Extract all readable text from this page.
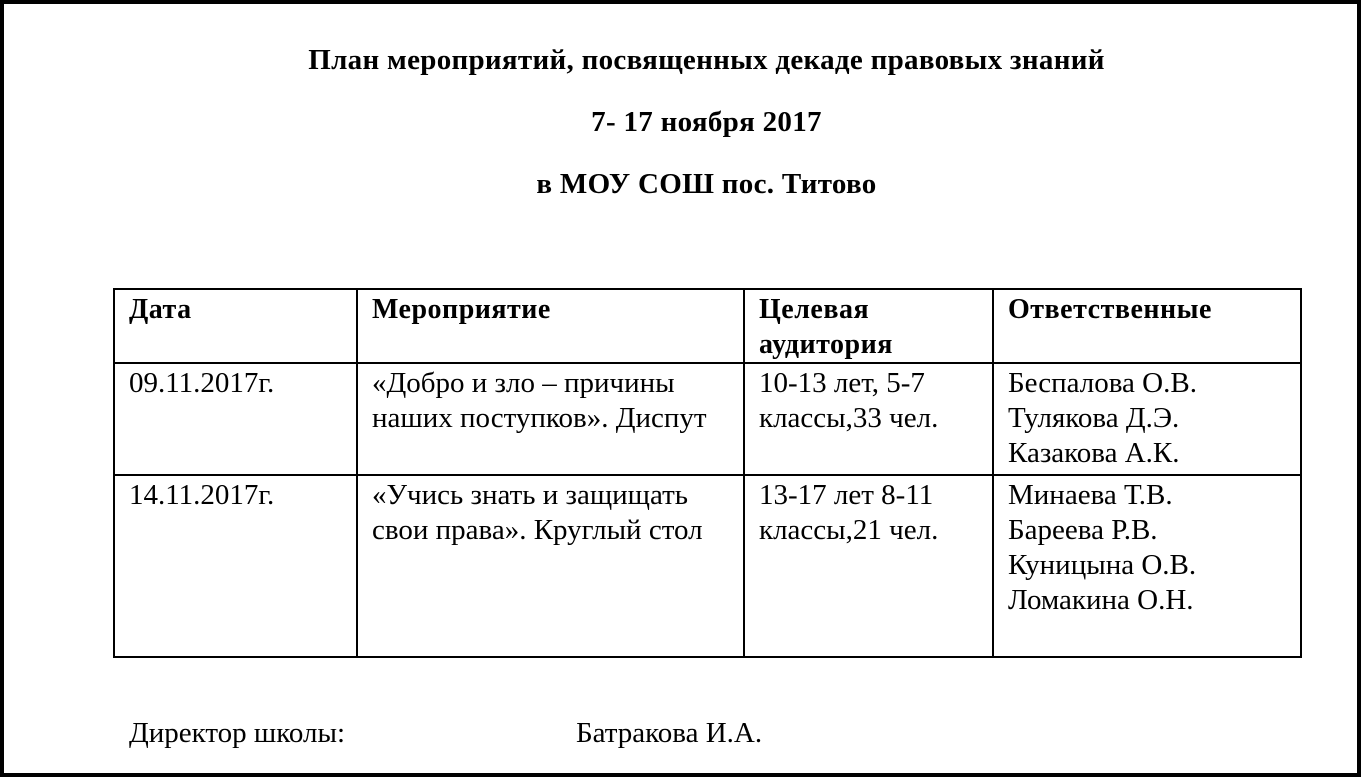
План мероприятий, посвященных декаде правовых знаний
7- 17 ноября 2017
в МОУ СОШ пос. Титово
Дата	Мероприятие	Целевая аудитория	Ответственные
09.11.2017г.	«Добро и зло – причины наших поступков». Диспут	10-13 лет, 5-7 классы,33 чел.	Беспалова О.В.
Тулякова Д.Э.
Казакова А.К.

14.11.2017г.	«Учись знать и защищать свои права». Круглый стол	13-17 лет 8-11 классы,21 чел.	Минаева Т.В.
Бареева Р.В.
Куницына О.В.
Ломакина О.Н.
Директор школы:	Батракова И.А.
